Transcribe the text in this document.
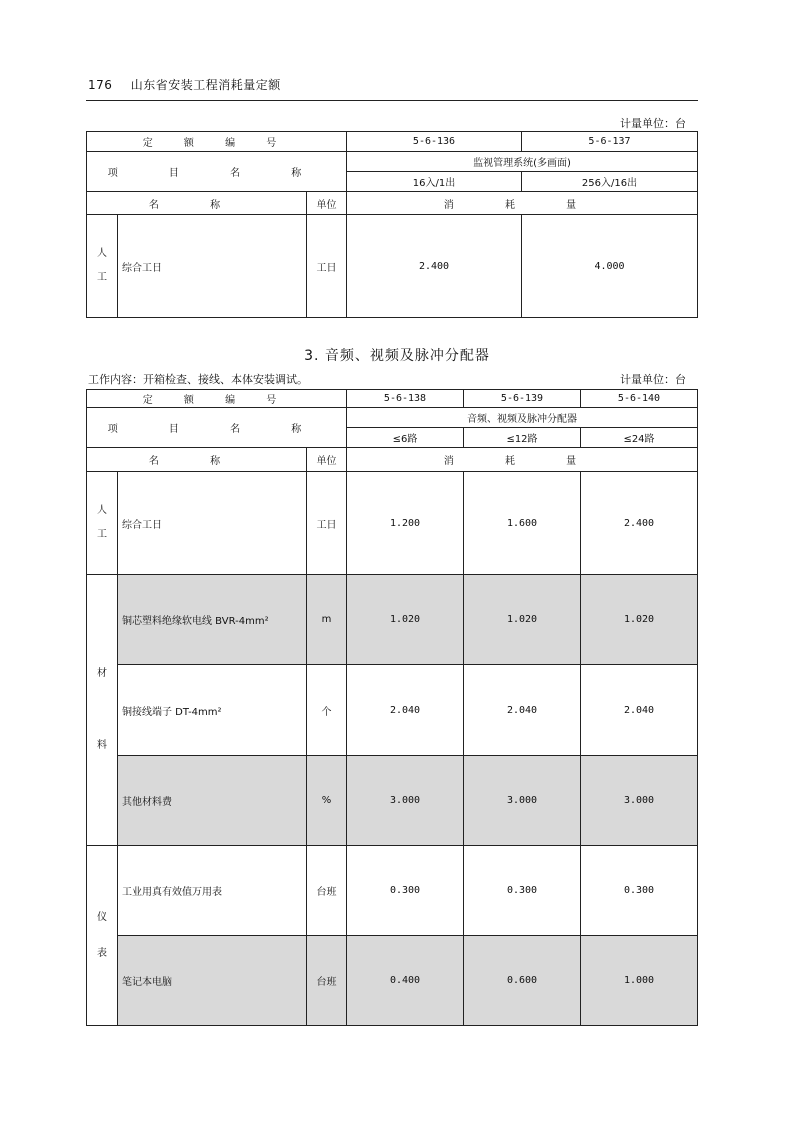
176 山东省安装工程消耗量定额
计量单位：台
定 额 编 号			5-6-136	5-6-137
项 目 名 称			监视管理系统(多画面)	
			16入/1出	256入/16出
名 称		单位	消 耗 量	
人

工	综合工日	工日	2.400	4.000
3. 音频、视频及脉冲分配器
工作内容：开箱检查、接线、本体安装调试。	计量单位：台
定 额 编 号			5-6-138	5-6-139	5-6-140
项 目 名 称			音频、视频及脉冲分配器		
			≤6路	≤12路	≤24路
名 称		单位	消 耗 量		
人

工	综合工日	工日	1.200	1.600	2.400
材

料	铜芯塑料绝缘软电线 BVR-4mm²	m	1.020	1.020	1.020
	铜接线端子 DT-4mm²	个	2.040	2.040	2.040
	其他材料费	%	3.000	3.000	3.000
仪

表	工业用真有效值万用表	台班	0.300	0.300	0.300
	笔记本电脑	台班	0.400	0.600	1.000
